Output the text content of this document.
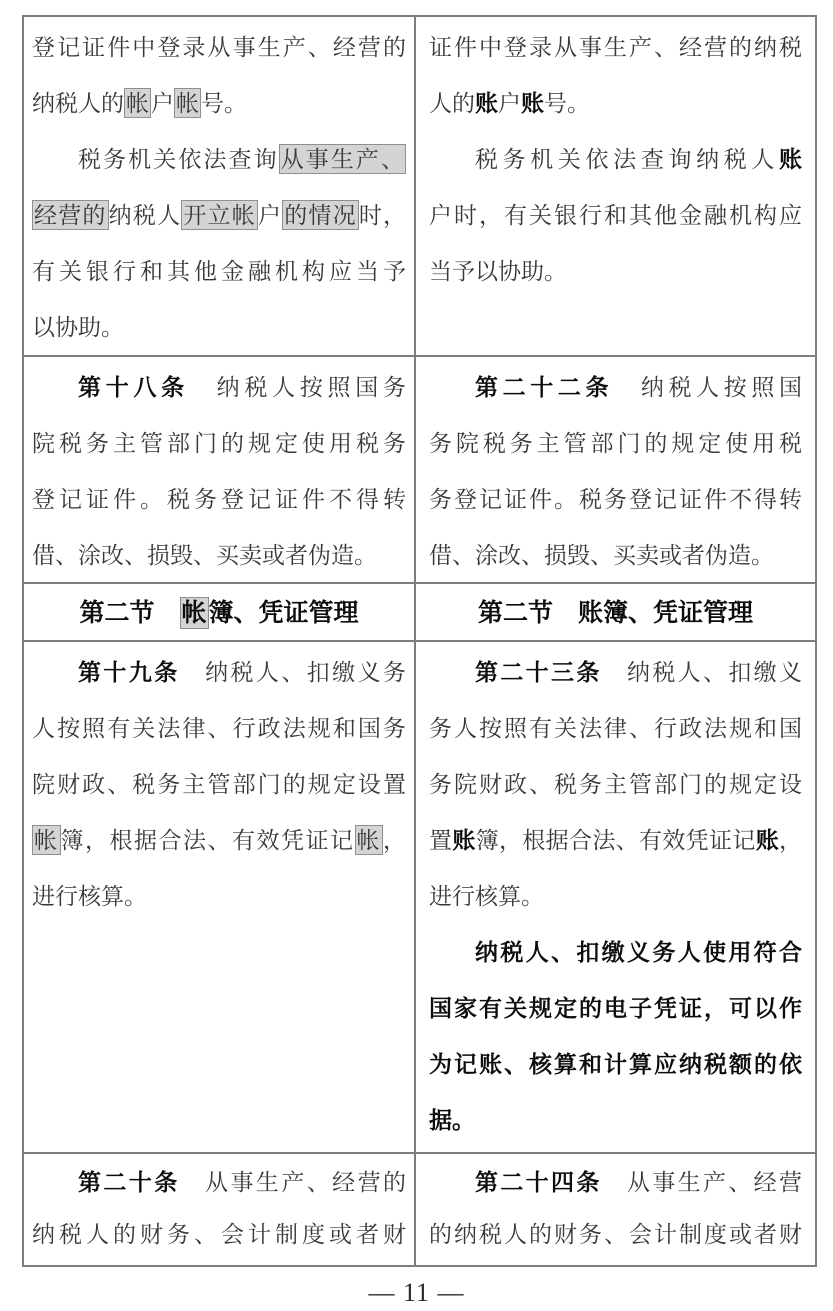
登记证件中登录从事生产、经营的
纳税人的帐户帐号。
税务机关依法查询从事生产、
经营的纳税人开立帐户的情况时，
有关银行和其他金融机构应当予
以协助。
证件中登录从事生产、经营的纳税
人的账户账号。
税务机关依法查询纳税人账
户时，有关银行和其他金融机构应
当予以协助。
第十八条　纳税人按照国务
院税务主管部门的规定使用税务
登记证件。税务登记证件不得转
借、涂改、损毁、买卖或者伪造。
第二十二条　纳税人按照国
务院税务主管部门的规定使用税
务登记证件。税务登记证件不得转
借、涂改、损毁、买卖或者伪造。
第二节　 帐簿、凭证管理	第二节　账簿、凭证管理
第十九条　纳税人、扣缴义务
人按照有关法律、行政法规和国务
院财政、税务主管部门的规定设置
帐簿，根据合法、有效凭证记帐，
进行核算。
第二十三条　纳税人、扣缴义
务人按照有关法律、行政法规和国
务院财政、税务主管部门的规定设
置账簿，根据合法、有效凭证记账，
进行核算。
纳税人、扣缴义务人使用符合
国家有关规定的电子凭证，可以作
为记账、核算和计算应纳税额的依
据。
第二十条　从事生产、经营的
纳税人的财务、会计制度或者财
第二十四条　从事生产、经营
的纳税人的财务、会计制度或者财
— 11 —
